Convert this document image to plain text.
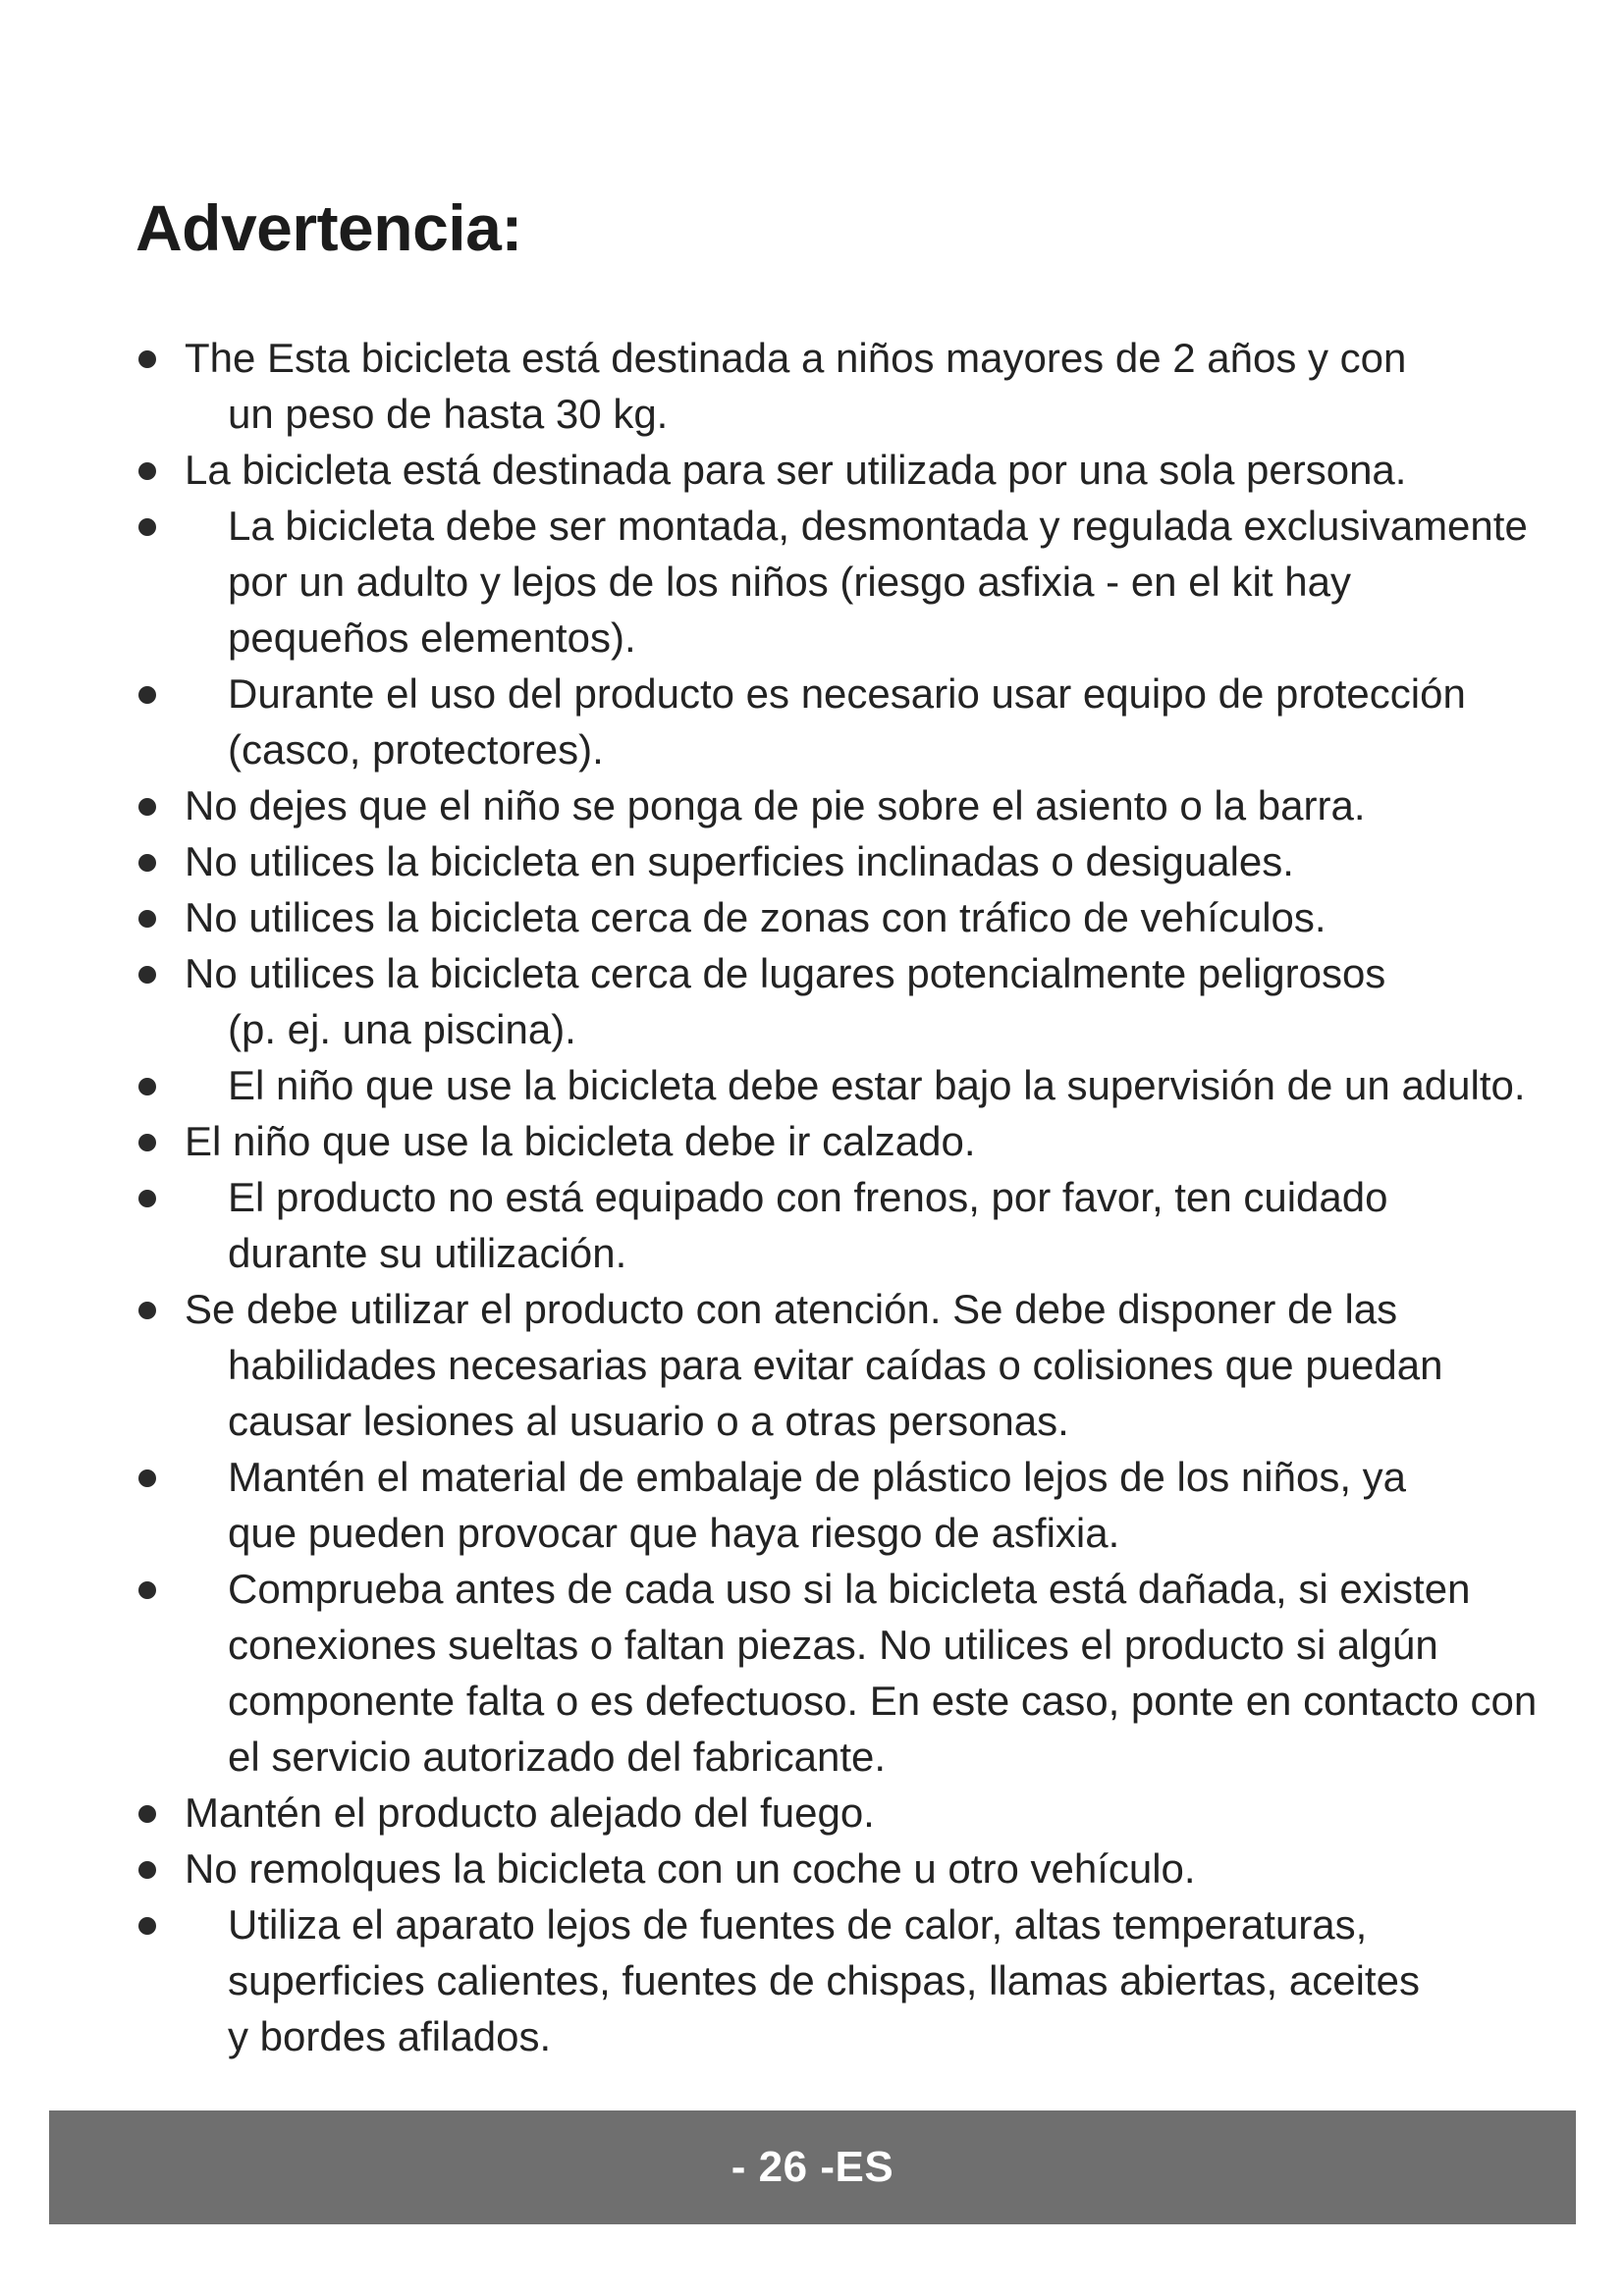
Advertencia:
The Esta bicicleta está destinada a niños mayores de 2 años y con
un peso de hasta 30 kg.
La bicicleta está destinada para ser utilizada por una sola persona.
La bicicleta debe ser montada, desmontada y regulada exclusivamente
por un adulto y lejos de los niños (riesgo asfixia - en el kit hay
pequeños elementos).
Durante el uso del producto es necesario usar equipo de protección
(casco, protectores).
No dejes que el niño se ponga de pie sobre el asiento o la barra.
No utilices la bicicleta en superficies inclinadas o desiguales.
No utilices la bicicleta cerca de zonas con tráfico de vehículos.
No utilices la bicicleta cerca de lugares potencialmente peligrosos
(p. ej. una piscina).
El niño que use la bicicleta debe estar bajo la supervisión de un adulto.
El niño que use la bicicleta debe ir calzado.
El producto no está equipado con frenos, por favor, ten cuidado
durante su utilización.
Se debe utilizar el producto con atención. Se debe disponer de las
habilidades necesarias para evitar caídas o colisiones que puedan
causar lesiones al usuario o a otras personas.
Mantén el material de embalaje de plástico lejos de los niños, ya
que pueden provocar que haya riesgo de asfixia.
Comprueba antes de cada uso si la bicicleta está dañada, si existen
conexiones sueltas o faltan piezas. No utilices el producto si algún
componente falta o es defectuoso. En este caso, ponte en contacto con
el servicio autorizado del fabricante.
Mantén el producto alejado del fuego.
No remolques la bicicleta con un coche u otro vehículo.
Utiliza el aparato lejos de fuentes de calor, altas temperaturas,
superficies calientes, fuentes de chispas, llamas abiertas, aceites
y bordes afilados.
- 26 -ES
